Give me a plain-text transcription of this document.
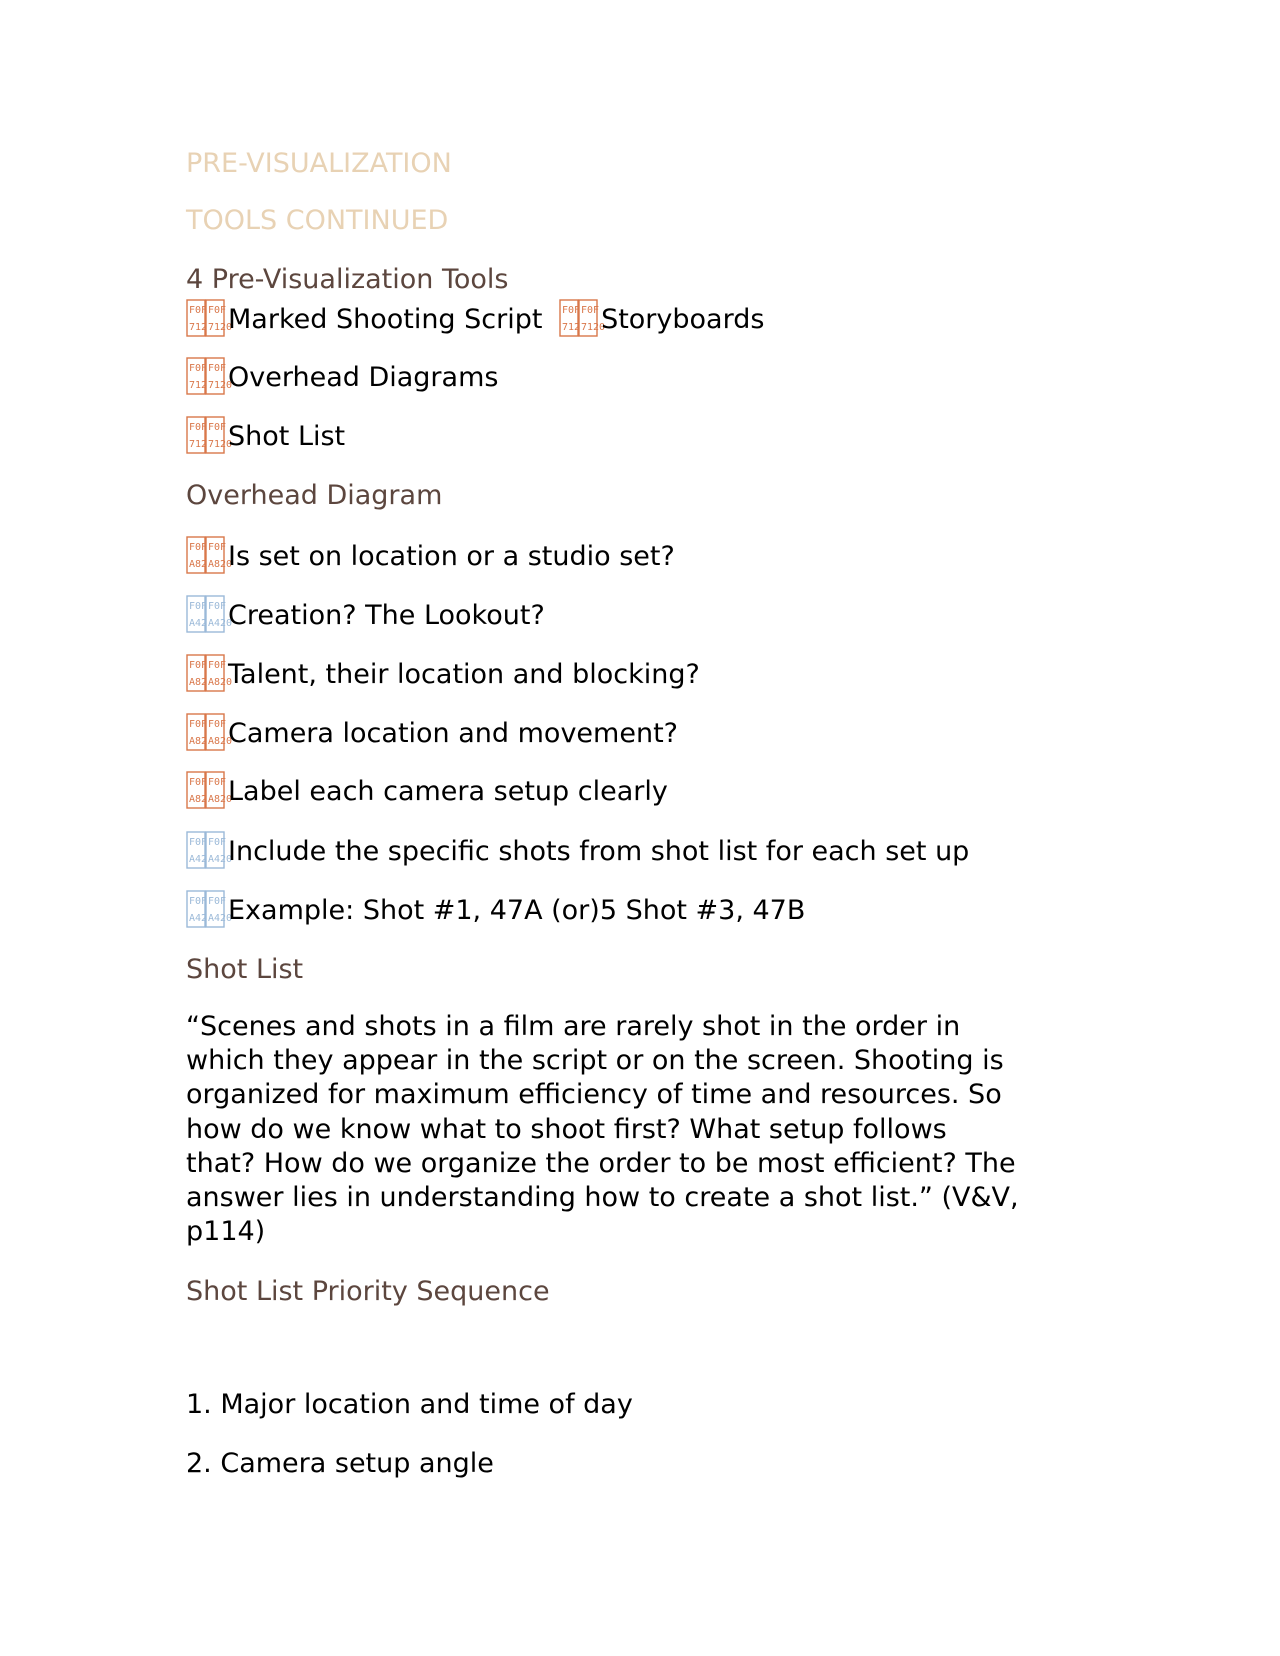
PRE-VISUALIZATION
TOOLS CONTINUED
4 Pre-Visualization Tools
F0F
712
F0F
7120
Marked Shooting Script F0F
712
F0F
7120
Storyboards
F0F
712
F0F
7120
Overhead Diagrams
F0F
712
F0F
7120
Shot List
Overhead Diagram
F0F
A82
F0F
A820
Is set on location or a studio set?
F0F
A42
F0F
A420
Creation? The Lookout?
F0F
A82
F0F
A820
Talent, their location and blocking?
F0F
A82
F0F
A820
Camera location and movement?
F0F
A82
F0F
A820
Label each camera setup clearly
F0F
A42
F0F
A420
Include the specific shots from shot list for each set up
F0F
A42
F0F
A420
Example: Shot #1, 47A (or)5 Shot #3, 47B
Shot List
“Scenes and shots in a film are rarely shot in the order in
which they appear in the script or on the screen. Shooting is
organized for maximum efficiency of time and resources. So
how do we know what to shoot first? What setup follows
that? How do we organize the order to be most efficient? The
answer lies in understanding how to create a shot list.” (V&V,
p114)
Shot List Priority Sequence
1. Major location and time of day
2. Camera setup angle
